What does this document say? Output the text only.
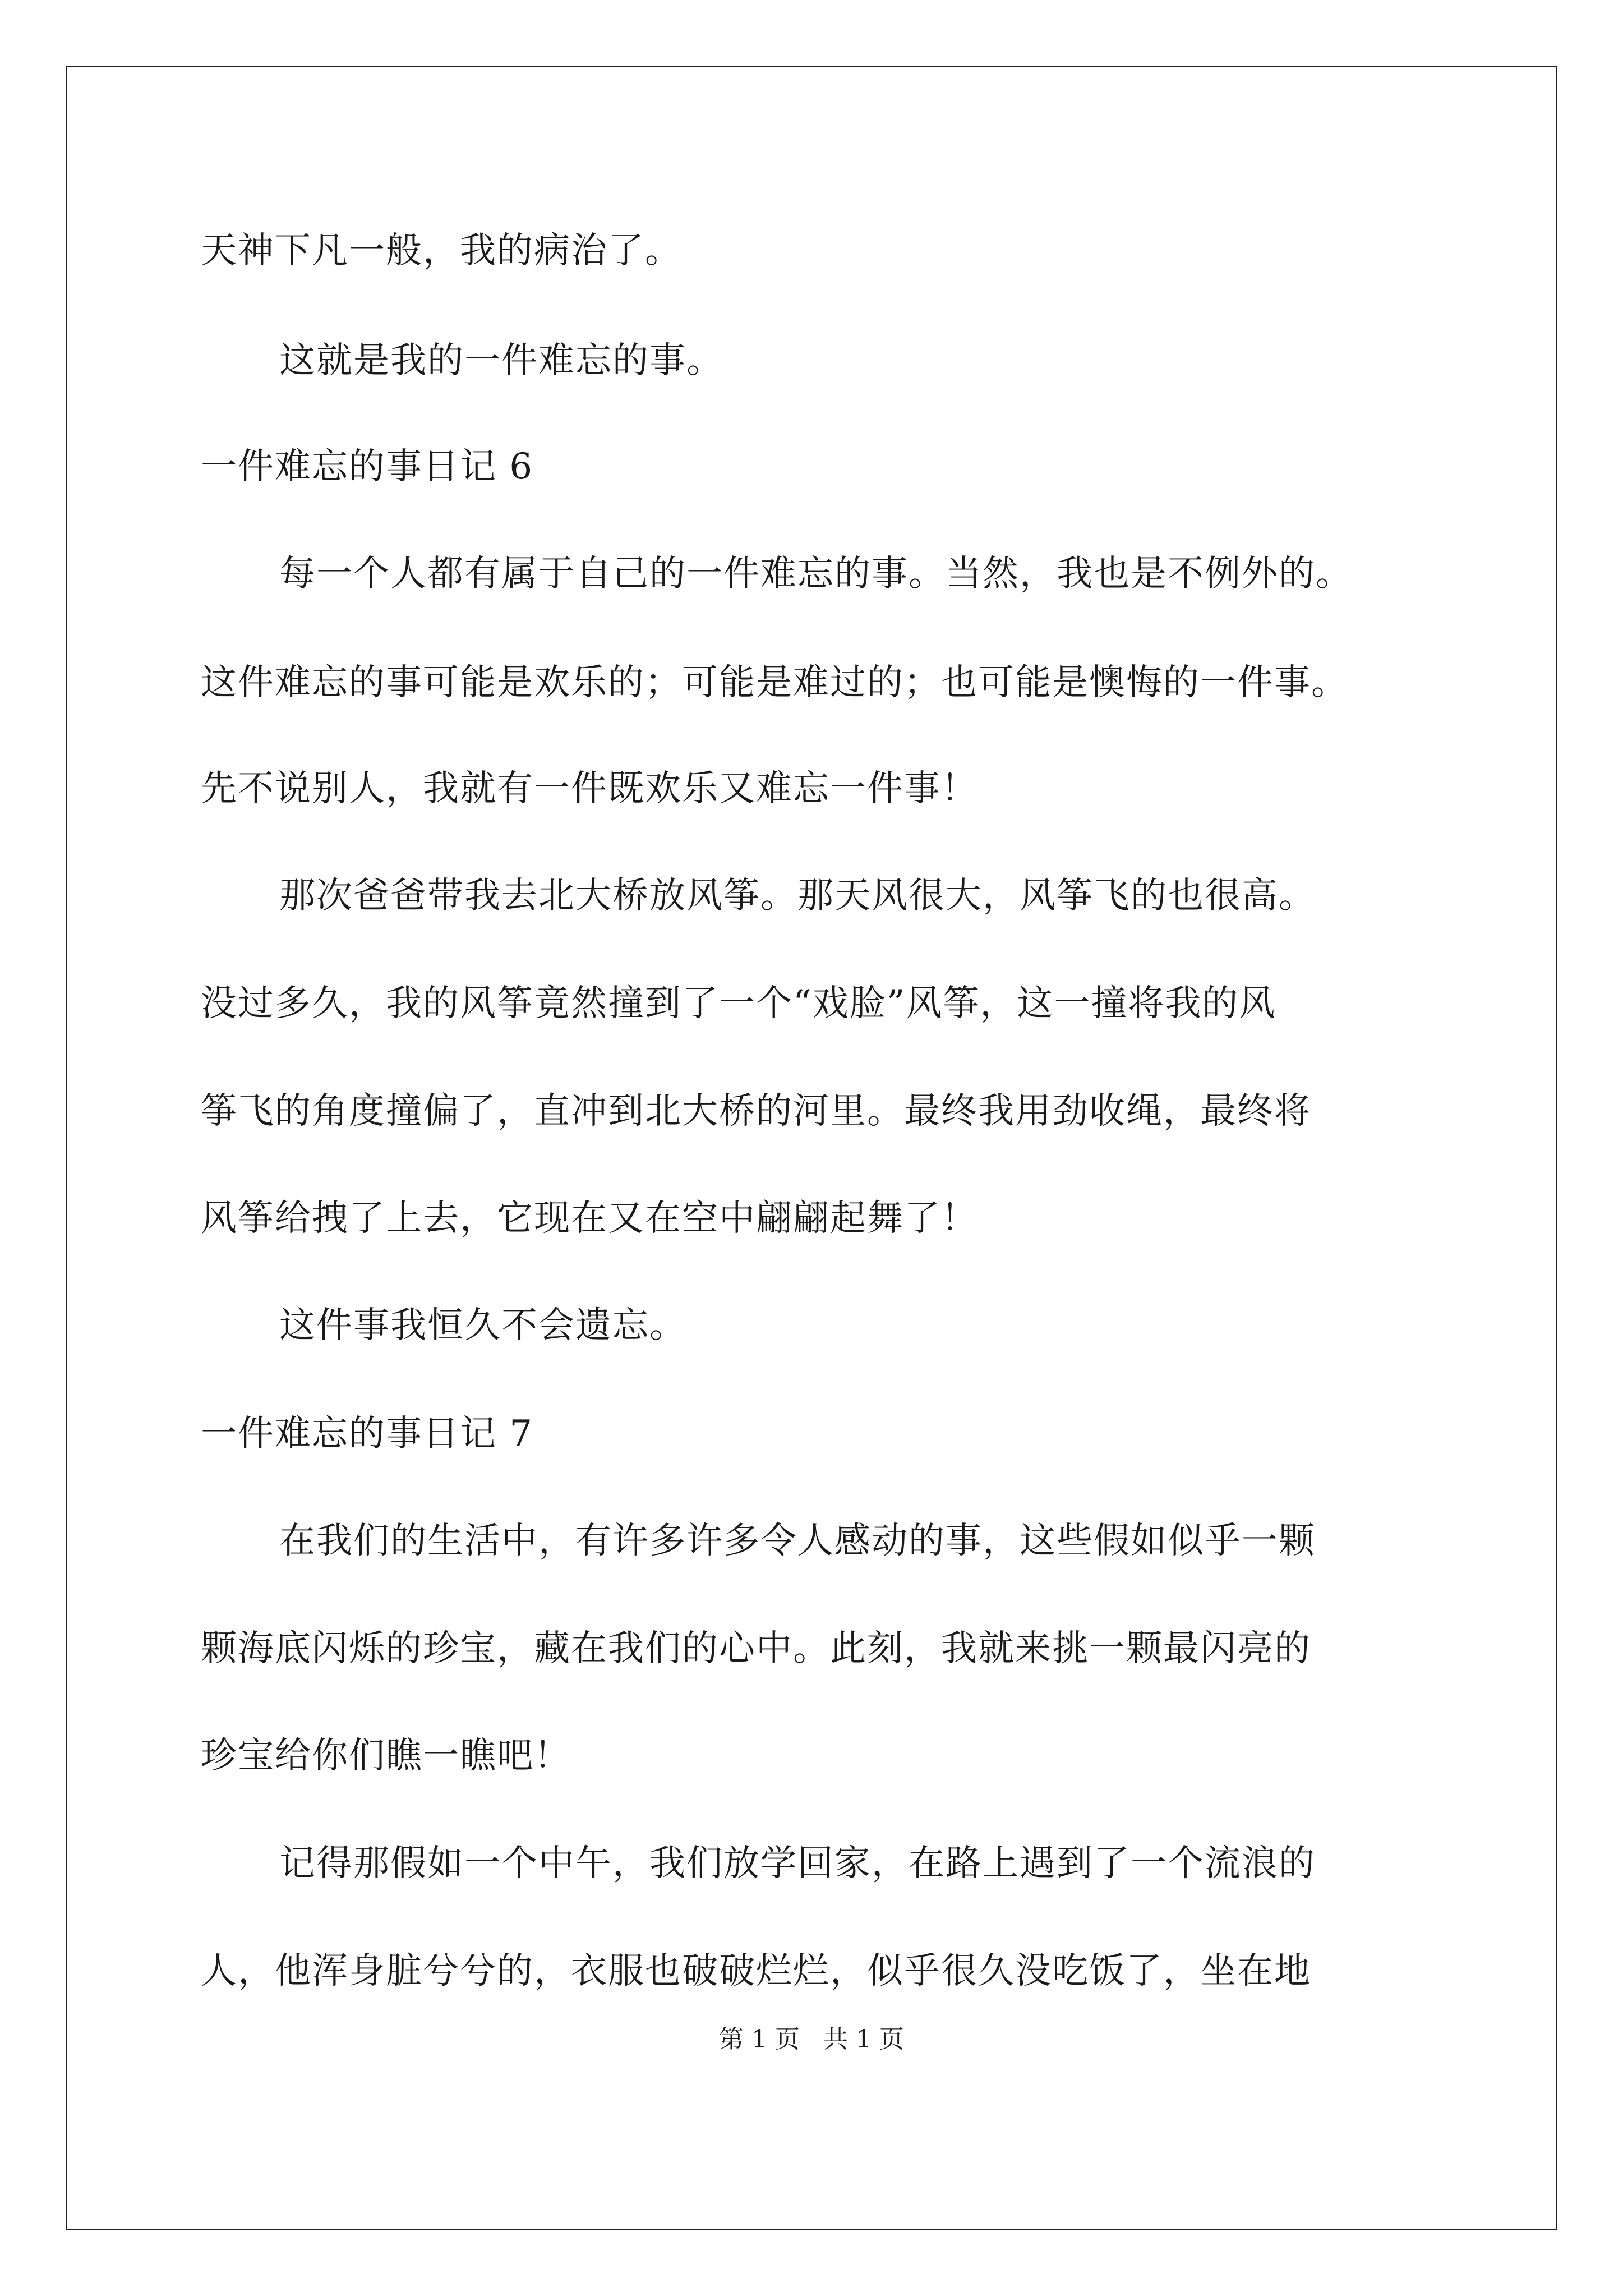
天神下凡一般，我的病治了。
这就是我的一件难忘的事。
一件难忘的事日记 6
每一个人都有属于自己的一件难忘的事。当然，我也是不例外的。
这件难忘的事可能是欢乐的；可能是难过的；也可能是懊悔的一件事。
先不说别人，我就有一件既欢乐又难忘一件事！
那次爸爸带我去北大桥放风筝。那天风很大，风筝飞的也很高。
没过多久，我的风筝竟然撞到了一个“戏脸”风筝，这一撞将我的风
筝飞的角度撞偏了，直冲到北大桥的河里。最终我用劲收绳，最终将
风筝给拽了上去，它现在又在空中翩翩起舞了！
这件事我恒久不会遗忘。
一件难忘的事日记 7
在我们的生活中，有许多许多令人感动的事，这些假如似乎一颗
颗海底闪烁的珍宝，藏在我们的心中。此刻，我就来挑一颗最闪亮的
珍宝给你们瞧一瞧吧！
记得那假如一个中午，我们放学回家，在路上遇到了一个流浪的
人，他浑身脏兮兮的，衣服也破破烂烂，似乎很久没吃饭了，坐在地
第 1 页   共 1 页
